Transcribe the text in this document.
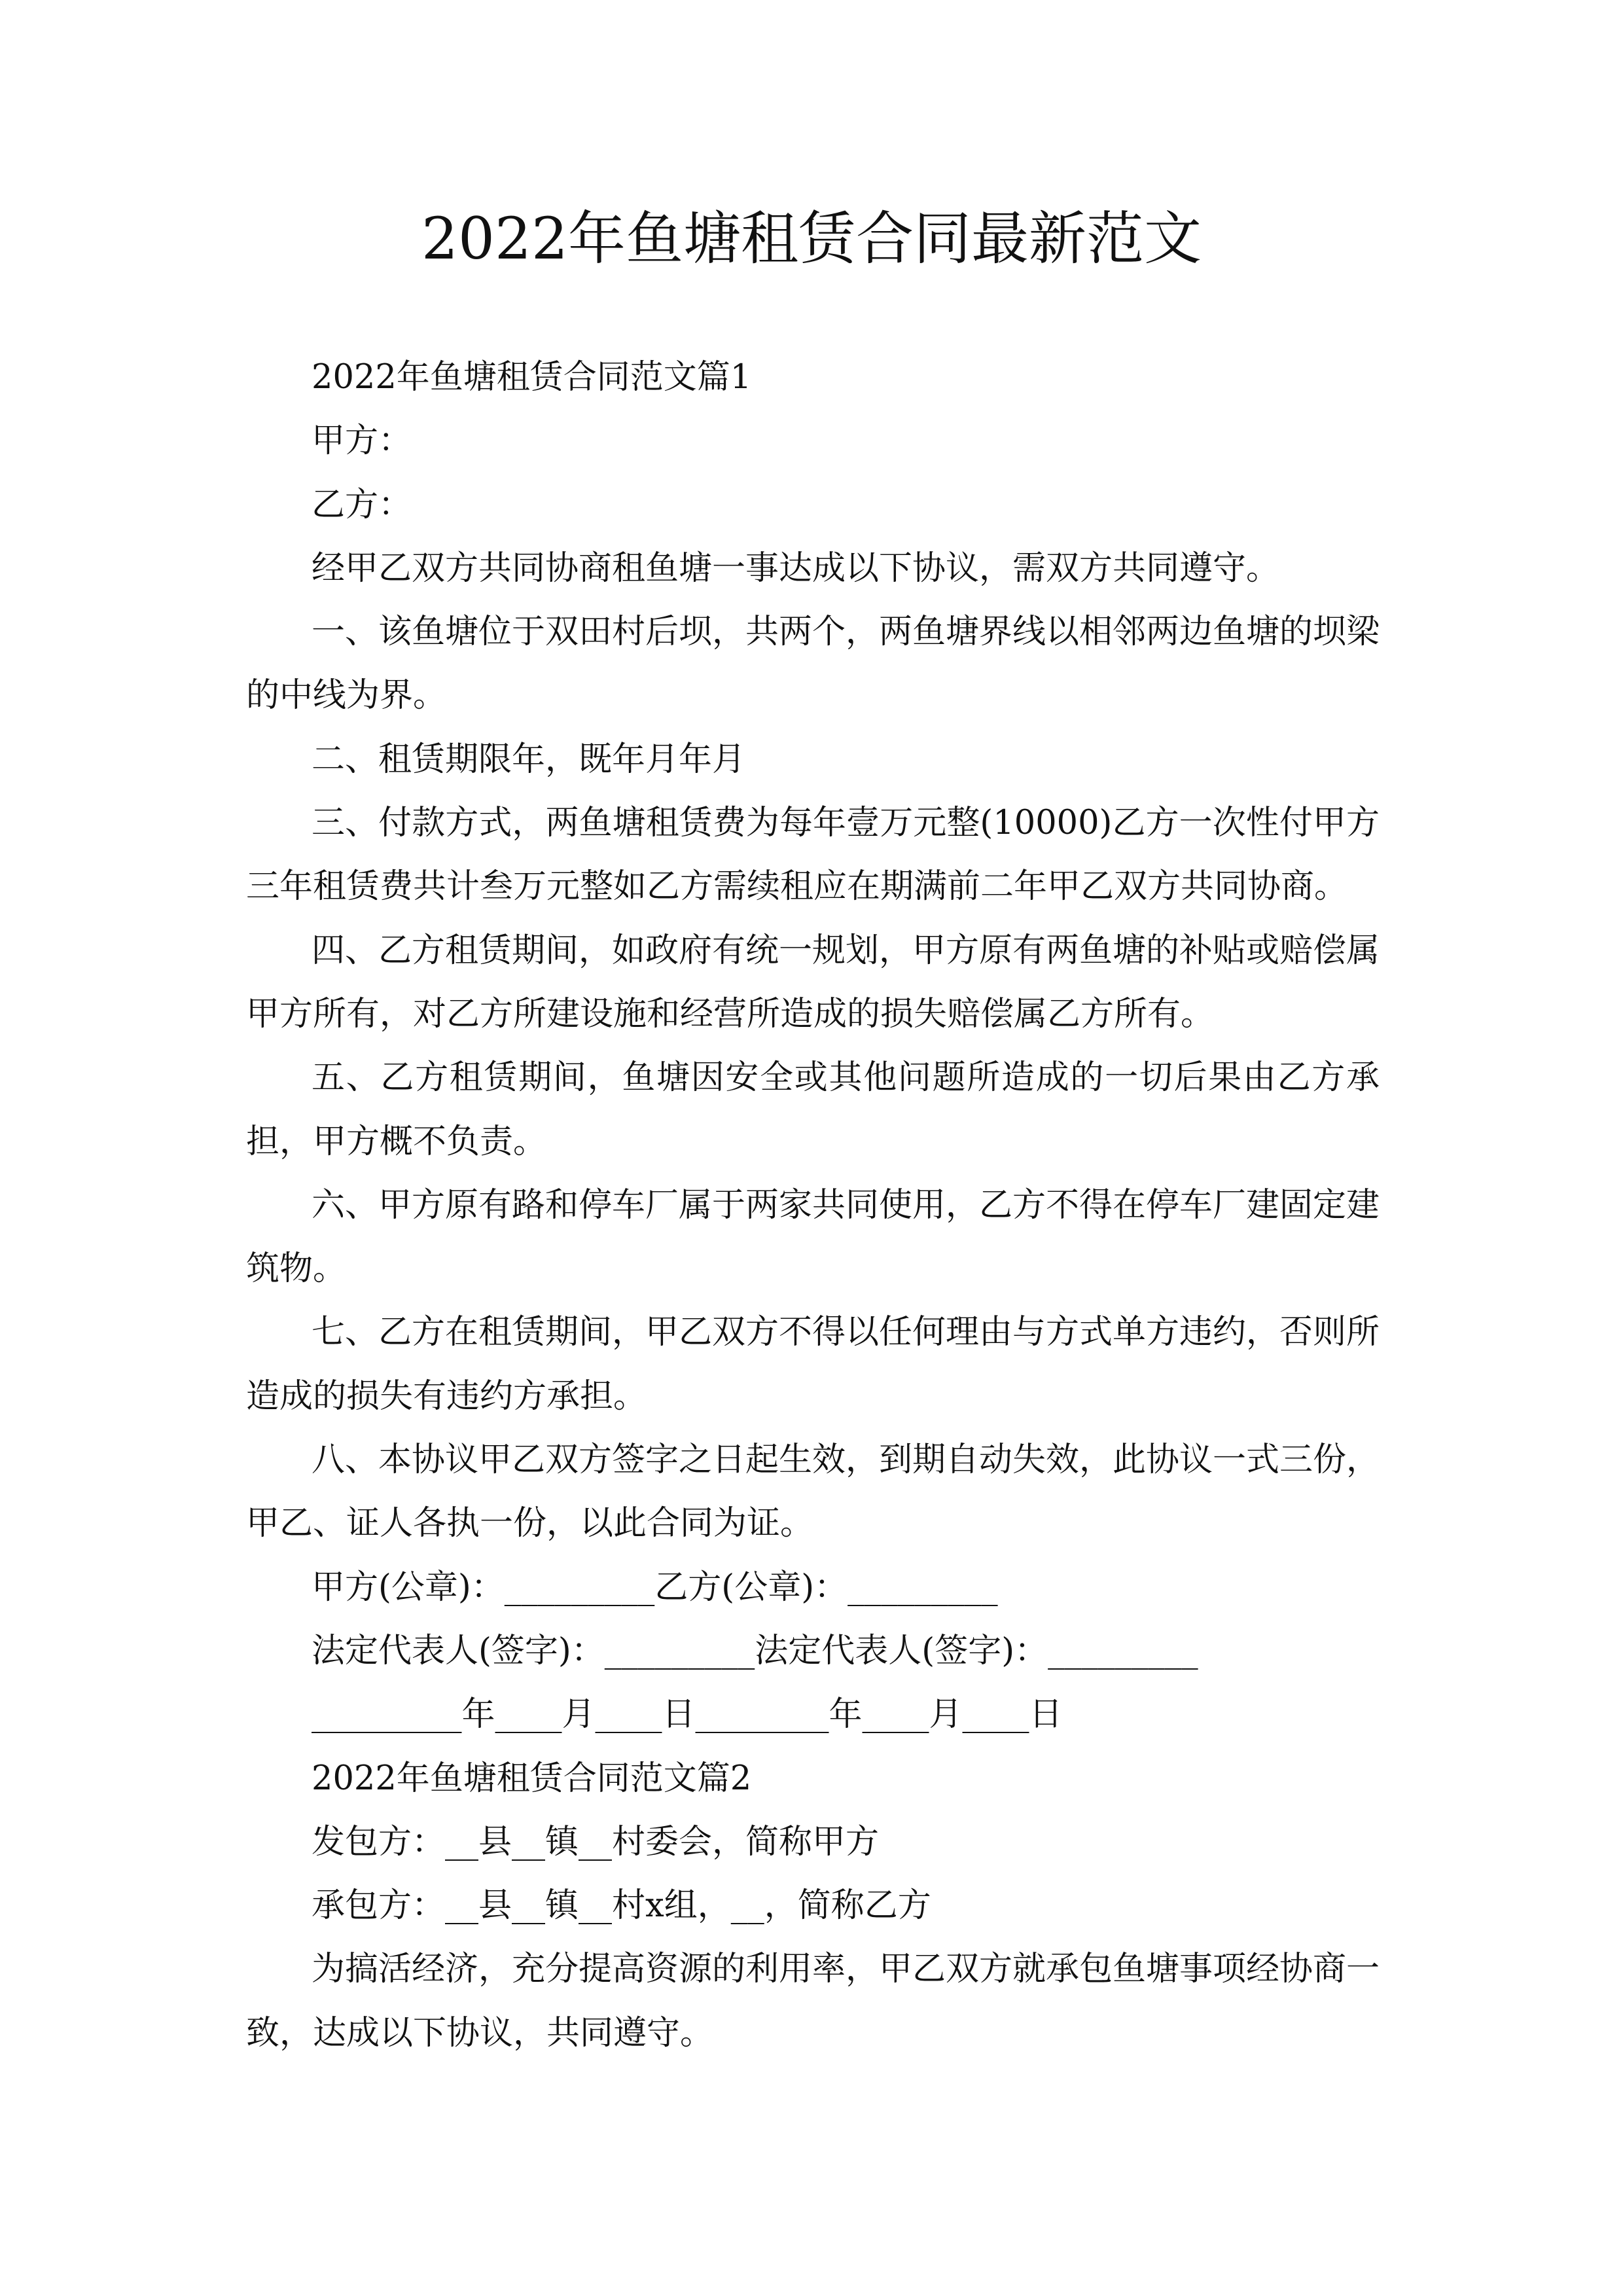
2022年鱼塘租赁合同最新范文

2022年鱼塘租赁合同范文篇1

甲方：

乙方：

经甲乙双方共同协商租鱼塘一事达成以下协议，需双方共同遵守。

一、该鱼塘位于双田村后坝，共两个，两鱼塘界线以相邻两边鱼塘的坝梁的中线为界。

二、租赁期限年，既年月年月

三、付款方式，两鱼塘租赁费为每年壹万元整(10000)乙方一次性付甲方三年租赁费共计叁万元整如乙方需续租应在期满前二年甲乙双方共同协商。

四、乙方租赁期间，如政府有统一规划，甲方原有两鱼塘的补贴或赔偿属甲方所有，对乙方所建设施和经营所造成的损失赔偿属乙方所有。

五、乙方租赁期间，鱼塘因安全或其他问题所造成的一切后果由乙方承担，甲方概不负责。

六、甲方原有路和停车厂属于两家共同使用，乙方不得在停车厂建固定建筑物。

七、乙方在租赁期间，甲乙双方不得以任何理由与方式单方违约，否则所造成的损失有违约方承担。

八、本协议甲乙双方签字之日起生效，到期自动失效，此协议一式三份，甲乙、证人各执一份，以此合同为证。

甲方(公章)：_________乙方(公章)：_________

法定代表人(签字)：_________法定代表人(签字)：_________

_________年____月____日________年____月____日

2022年鱼塘租赁合同范文篇2

发包方：__县__镇__村委会，简称甲方

承包方：__县__镇__村x组，__，简称乙方

为搞活经济，充分提高资源的利用率，甲乙双方就承包鱼塘事项经协商一致，达成以下协议，共同遵守。
